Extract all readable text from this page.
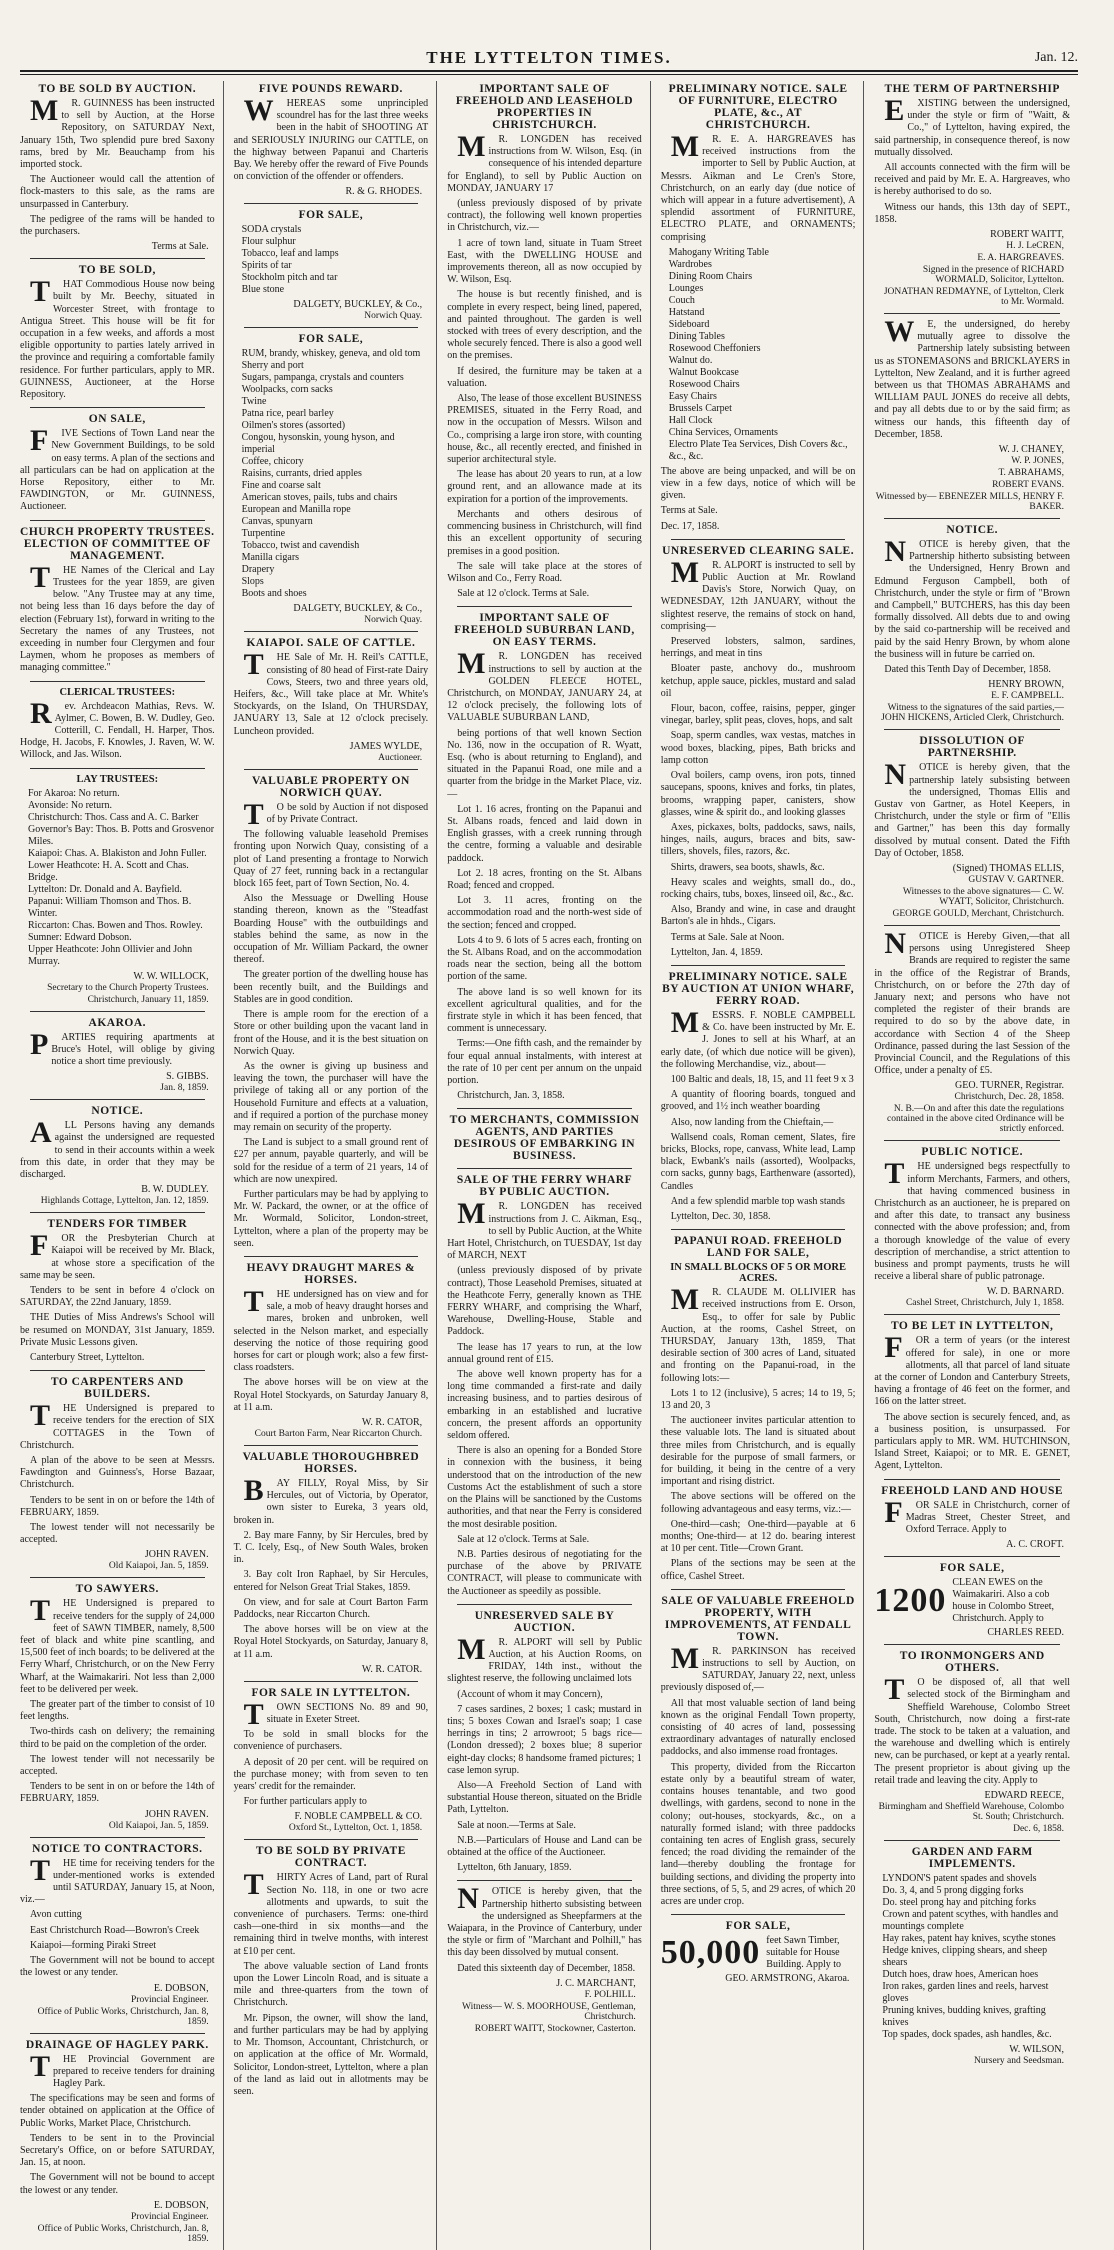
THE LYTTELTON TIMES.	Jan. 12.
TO BE SOLD BY AUCTION.

MR. GUINNESS has been instructed to sell by Auction, at the Horse Repository, on SATURDAY Next, January 15th, Two splendid pure bred Saxony rams, bred by Mr. Beauchamp from his imported stock.

The Auctioneer would call the attention of flock-masters to this sale, as the rams are unsurpassed in Canterbury.

The pedigree of the rams will be handed to the purchasers.

Terms at Sale.
TO BE SOLD,

THAT Commodious House now being built by Mr. Beechy, situated in Worcester Street, with frontage to Antigua Street. This house will be fit for occupation in a few weeks, and affords a most eligible opportunity to parties lately arrived in the province and requiring a comfortable family residence. For further particulars, apply to MR. GUINNESS, Auctioneer, at the Horse Repository.

ON SALE,

FIVE Sections of Town Land near the New Government Buildings, to be sold on easy terms. A plan of the sections and all particulars can be had on application at the Horse Repository, either to Mr. FAWDINGTON, or Mr. GUINNESS, Auctioneer.

CHURCH PROPERTY TRUSTEES. ELECTION OF COMMITTEE OF MANAGEMENT.

THE Names of the Clerical and Lay Trustees for the year 1859, are given below. "Any Trustee may at any time, not being less than 16 days before the day of election (February 1st), forward in writing to the Secretary the names of any Trustees, not exceeding in number four Clergymen and four Laymen, whom he proposes as members of managing committee."

CLERICAL TRUSTEES:

Rev. Archdeacon Mathias, Revs. W. Aylmer, C. Bowen, B. W. Dudley, Geo. Cotterill, C. Fendall, H. Harper, Thos. Hodge, H. Jacobs, F. Knowles, J. Raven, W. W. Willock, and Jas. Wilson.

LAY TRUSTEES:
For Akaroa: No return.
Avonside: No return.
Christchurch: Thos. Cass and A. C. Barker
Governor's Bay: Thos. B. Potts and Grosvenor Miles.
Kaiapoi: Chas. A. Blakiston and John Fuller.
Lower Heathcote: H. A. Scott and Chas. Bridge.
Lyttelton: Dr. Donald and A. Bayfield.
Papanui: William Thomson and Thos. B. Winter.
Riccarton: Chas. Bowen and Thos. Rowley.
Sumner: Edward Dobson.
Upper Heathcote: John Ollivier and John Murray.
W. W. WILLOCK,
Secretary to the Church Property Trustees.
Christchurch, January 11, 1859.
AKAROA.

PARTIES requiring apartments at Bruce's Hotel, will oblige by giving notice a short time previously.

S. GIBBS.
Jan. 8, 1859.
NOTICE.

ALL Persons having any demands against the undersigned are requested to send in their accounts within a week from this date, in order that they may be discharged.

B. W. DUDLEY.
Highlands Cottage, Lyttelton, Jan. 12, 1859.
TENDERS FOR TIMBER

FOR the Presbyterian Church at Kaiapoi will be received by Mr. Black, at whose store a specification of the same may be seen.

Tenders to be sent in before 4 o'clock on SATURDAY, the 22nd January, 1859.

THE Duties of Miss Andrews's School will be resumed on MONDAY, 31st January, 1859. Private Music Lessons given.

Canterbury Street, Lyttelton.

TO CARPENTERS AND BUILDERS.

THE Undersigned is prepared to receive tenders for the erection of SIX COTTAGES in the Town of Christchurch.

A plan of the above to be seen at Messrs. Fawdington and Guinness's, Horse Bazaar, Christchurch.

Tenders to be sent in on or before the 14th of FEBRUARY, 1859.

The lowest tender will not necessarily be accepted.

JOHN RAVEN.
Old Kaiapoi, Jan. 5, 1859.
TO SAWYERS.

THE Undersigned is prepared to receive tenders for the supply of 24,000 feet of SAWN TIMBER, namely, 8,500 feet of black and white pine scantling, and 15,500 feet of inch boards; to be delivered at the Ferry Wharf, Christchurch, or on the New Ferry Wharf, at the Waimakariri. Not less than 2,000 feet to be delivered per week.

The greater part of the timber to consist of 10 feet lengths.

Two-thirds cash on delivery; the remaining third to be paid on the completion of the order.

The lowest tender will not necessarily be accepted.

Tenders to be sent in on or before the 14th of FEBRUARY, 1859.

JOHN RAVEN.
Old Kaiapoi, Jan. 5, 1859.
NOTICE TO CONTRACTORS.

THE time for receiving tenders for the under-mentioned works is extended until SATURDAY, January 15, at Noon, viz.—

Avon cutting

East Christchurch Road—Bowron's Creek

Kaiapoi—forming Piraki Street

The Government will not be bound to accept the lowest or any tender.

E. DOBSON,
Provincial Engineer.
Office of Public Works, Christchurch, Jan. 8, 1859.
DRAINAGE OF HAGLEY PARK.

THE Provincial Government are prepared to receive tenders for draining Hagley Park.

The specifications may be seen and forms of tender obtained on application at the Office of Public Works, Market Place, Christchurch.

Tenders to be sent in to the Provincial Secretary's Office, on or before SATURDAY, Jan. 15, at noon.

The Government will not be bound to accept the lowest or any tender.

E. DOBSON,
Provincial Engineer.
Office of Public Works, Christchurch, Jan. 8, 1859.
FIVE POUNDS REWARD.

WHEREAS some unprincipled scoundrel has for the last three weeks been in the habit of SHOOTING AT and SERIOUSLY INJURING our CATTLE, on the highway between Papanui and Charteris Bay. We hereby offer the reward of Five Pounds on conviction of the offender or offenders.

R. & G. RHODES.
FOR SALE,
SODA crystals
Flour sulphur
Tobacco, leaf and lamps
Spirits of tar
Stockholm pitch and tar
Blue stone
DALGETY, BUCKLEY, & Co.,
Norwich Quay.
FOR SALE,
RUM, brandy, whiskey, geneva, and old tom
Sherry and port
Sugars, pampanga, crystals and counters
Woolpacks, corn sacks
Twine
Patna rice, pearl barley
Oilmen's stores (assorted)
Congou, hysonskin, young hyson, and imperial
Coffee, chicory
Raisins, currants, dried apples
Fine and coarse salt
American stoves, pails, tubs and chairs
European and Manilla rope
Canvas, spunyarn
Turpentine
Tobacco, twist and cavendish
Manilla cigars
Drapery
Slops
Boots and shoes
DALGETY, BUCKLEY, & Co.,
Norwich Quay.
KAIAPOI. SALE OF CATTLE.

THE Sale of Mr. H. Reil's CATTLE, consisting of 80 head of First-rate Dairy Cows, Steers, two and three years old, Heifers, &c., Will take place at Mr. White's Stockyards, on the Island, On THURSDAY, JANUARY 13, Sale at 12 o'clock precisely. Luncheon provided.

JAMES WYLDE,
Auctioneer.
VALUABLE PROPERTY ON NORWICH QUAY.

TO be sold by Auction if not disposed of by Private Contract.

The following valuable leasehold Premises fronting upon Norwich Quay, consisting of a plot of Land presenting a frontage to Norwich Quay of 27 feet, running back in a rectangular block 165 feet, part of Town Section, No. 4.

Also the Messuage or Dwelling House standing thereon, known as the "Steadfast Boarding House" with the outbuildings and stables behind the same, as now in the occupation of Mr. William Packard, the owner thereof.

The greater portion of the dwelling house has been recently built, and the Buildings and Stables are in good condition.

There is ample room for the erection of a Store or other building upon the vacant land in front of the House, and it is the best situation on Norwich Quay.

As the owner is giving up business and leaving the town, the purchaser will have the privilege of taking all or any portion of the Household Furniture and effects at a valuation, and if required a portion of the purchase money may remain on security of the property.

The Land is subject to a small ground rent of £27 per annum, payable quarterly, and will be sold for the residue of a term of 21 years, 14 of which are now unexpired.

Further particulars may be had by applying to Mr. W. Packard, the owner, or at the office of Mr. Wormald, Solicitor, London-street, Lyttelton, where a plan of the property may be seen.

HEAVY DRAUGHT MARES & HORSES.

THE undersigned has on view and for sale, a mob of heavy draught horses and mares, broken and unbroken, well selected in the Nelson market, and especially deserving the notice of those requiring good horses for cart or plough work; also a few first-class roadsters.

The above horses will be on view at the Royal Hotel Stockyards, on Saturday January 8, at 11 a.m.

W. R. CATOR,
Court Barton Farm, Near Riccarton Church.
VALUABLE THOROUGHBRED HORSES.

BAY FILLY, Royal Miss, by Sir Hercules, out of Victoria, by Operator, own sister to Eureka, 3 years old, broken in.

2. Bay mare Fanny, by Sir Hercules, bred by T. C. Icely, Esq., of New South Wales, broken in.

3. Bay colt Iron Raphael, by Sir Hercules, entered for Nelson Great Trial Stakes, 1859.

On view, and for sale at Court Barton Farm Paddocks, near Riccarton Church.

The above horses will be on view at the Royal Hotel Stockyards, on Saturday, January 8, at 11 a.m.

W. R. CATOR.
FOR SALE IN LYTTELTON.

TOWN SECTIONS No. 89 and 90, situate in Exeter Street.

To be sold in small blocks for the convenience of purchasers.

A deposit of 20 per cent. will be required on the purchase money; with from seven to ten years' credit for the remainder.

For further particulars apply to

F. NOBLE CAMPBELL & CO.
Oxford St., Lyttelton, Oct. 1, 1858.
TO BE SOLD BY PRIVATE CONTRACT.

THIRTY Acres of Land, part of Rural Section No. 118, in one or two acre allotments and upwards, to suit the convenience of purchasers. Terms: one-third cash—one-third in six months—and the remaining third in twelve months, with interest at £10 per cent.

The above valuable section of Land fronts upon the Lower Lincoln Road, and is situate a mile and three-quarters from the town of Christchurch.

Mr. Pipson, the owner, will show the land, and further particulars may be had by applying to Mr. Thomson, Accountant, Christchurch, or on application at the office of Mr. Wormald, Solicitor, London-street, Lyttelton, where a plan of the land as laid out in allotments may be seen.

IMPORTANT SALE OF FREEHOLD AND LEASEHOLD PROPERTIES IN CHRISTCHURCH.

MR. LONGDEN has received instructions from W. Wilson, Esq. (in consequence of his intended departure for England), to sell by Public Auction on MONDAY, JANUARY 17

(unless previously disposed of by private contract), the following well known properties in Christchurch, viz.—

1 acre of town land, situate in Tuam Street East, with the DWELLING HOUSE and improvements thereon, all as now occupied by W. Wilson, Esq.

The house is but recently finished, and is complete in every respect, being lined, papered, and painted throughout. The garden is well stocked with trees of every description, and the whole securely fenced. There is also a good well on the premises.

If desired, the furniture may be taken at a valuation.

Also, The lease of those excellent BUSINESS PREMISES, situated in the Ferry Road, and now in the occupation of Messrs. Wilson and Co., comprising a large iron store, with counting house, &c., all recently erected, and finished in superior architectural style.

The lease has about 20 years to run, at a low ground rent, and an allowance made at its expiration for a portion of the improvements.

Merchants and others desirous of commencing business in Christchurch, will find this an excellent opportunity of securing premises in a good position.

The sale will take place at the stores of Wilson and Co., Ferry Road.

Sale at 12 o'clock. Terms at Sale.

IMPORTANT SALE OF FREEHOLD SUBURBAN LAND, ON EASY TERMS.

MR. LONGDEN has received instructions to sell by auction at the GOLDEN FLEECE HOTEL, Christchurch, on MONDAY, JANUARY 24, at 12 o'clock precisely, the following lots of VALUABLE SUBURBAN LAND,

being portions of that well known Section No. 136, now in the occupation of R. Wyatt, Esq. (who is about returning to England), and situated in the Papanui Road, one mile and a quarter from the bridge in the Market Place, viz.—

Lot 1. 16 acres, fronting on the Papanui and St. Albans roads, fenced and laid down in English grasses, with a creek running through the centre, forming a valuable and desirable paddock.

Lot 2. 18 acres, fronting on the St. Albans Road; fenced and cropped.

Lot 3. 11 acres, fronting on the accommodation road and the north-west side of the section; fenced and cropped.

Lots 4 to 9. 6 lots of 5 acres each, fronting on the St. Albans Road, and on the accommodation roads near the section, being all the bottom portion of the same.

The above land is so well known for its excellent agricultural qualities, and for the firstrate style in which it has been fenced, that comment is unnecessary.

Terms:—One fifth cash, and the remainder by four equal annual instalments, with interest at the rate of 10 per cent per annum on the unpaid portion.

Christchurch, Jan. 3, 1858.

TO MERCHANTS, COMMISSION AGENTS, AND PARTIES DESIROUS OF EMBARKING IN BUSINESS.
SALE OF THE FERRY WHARF BY PUBLIC AUCTION.

MR. LONGDEN has received instructions from J. C. Aikman, Esq., to sell by Public Auction, at the White Hart Hotel, Christchurch, on TUESDAY, 1st day of MARCH, NEXT

(unless previously disposed of by private contract), Those Leasehold Premises, situated at the Heathcote Ferry, generally known as THE FERRY WHARF, and comprising the Wharf, Warehouse, Dwelling-House, Stable and Paddock.

The lease has 17 years to run, at the low annual ground rent of £15.

The above well known property has for a long time commanded a first-rate and daily increasing business, and to parties desirous of embarking in an established and lucrative concern, the present affords an opportunity seldom offered.

There is also an opening for a Bonded Store in connexion with the business, it being understood that on the introduction of the new Customs Act the establishment of such a store on the Plains will be sanctioned by the Customs authorities, and that near the Ferry is considered the most desirable position.

Sale at 12 o'clock. Terms at Sale.

N.B. Parties desirous of negotiating for the purchase of the above by PRIVATE CONTRACT, will please to communicate with the Auctioneer as speedily as possible.

UNRESERVED SALE BY AUCTION.

MR. ALPORT will sell by Public Auction, at his Auction Rooms, on FRIDAY, 14th inst., without the slightest reserve, the following unclaimed lots

(Account of whom it may Concern),

7 cases sardines, 2 boxes; 1 cask; mustard in tins; 5 boxes Cowan and Israel's soap; 1 case herrings in tins; 2 arrowroot; 5 bags rice—(London dressed); 2 boxes blue; 8 superior eight-day clocks; 8 handsome framed pictures; 1 case lemon syrup.

Also—A Freehold Section of Land with substantial House thereon, situated on the Bridle Path, Lyttelton.

Sale at noon.—Terms at Sale.

N.B.—Particulars of House and Land can be obtained at the office of the Auctioneer.

Lyttelton, 6th January, 1859.

NOTICE is hereby given, that the Partnership hitherto subsisting between the undersigned as Sheepfarmers at the Waiapara, in the Province of Canterbury, under the style or firm of "Marchant and Polhill," has this day been dissolved by mutual consent.

Dated this sixteenth day of December, 1858.

J. C. MARCHANT,
F. POLHILL.
Witness— W. S. MOORHOUSE, Gentleman, Christchurch.
ROBERT WAITT, Stockowner, Casterton.
PRELIMINARY NOTICE. SALE OF FURNITURE, ELECTRO PLATE, &c., AT CHRISTCHURCH.

MR. E. A. HARGREAVES has received instructions from the importer to Sell by Public Auction, at Messrs. Aikman and Le Cren's Store, Christchurch, on an early day (due notice of which will appear in a future advertisement), A splendid assortment of FURNITURE, ELECTRO PLATE, and ORNAMENTS; comprising

Mahogany Writing Table
Wardrobes
Dining Room Chairs
Lounges
Couch
Hatstand
Sideboard
Dining Tables
Rosewood Cheffoniers
Walnut do.
Walnut Bookcase
Rosewood Chairs
Easy Chairs
Brussels Carpet
Hall Clock
China Services, Ornaments
Electro Plate Tea Services, Dish Covers &c., &c., &c.

The above are being unpacked, and will be on view in a few days, notice of which will be given.

Terms at Sale.

Dec. 17, 1858.

UNRESERVED CLEARING SALE.

MR. ALPORT is instructed to sell by Public Auction at Mr. Rowland Davis's Store, Norwich Quay, on WEDNESDAY, 12th JANUARY, without the slightest reserve, the remains of stock on hand, comprising—

Preserved lobsters, salmon, sardines, herrings, and meat in tins

Bloater paste, anchovy do., mushroom ketchup, apple sauce, pickles, mustard and salad oil

Flour, bacon, coffee, raisins, pepper, ginger vinegar, barley, split peas, cloves, hops, and salt

Soap, sperm candles, wax vestas, matches in wood boxes, blacking, pipes, Bath bricks and lamp cotton

Oval boilers, camp ovens, iron pots, tinned saucepans, spoons, knives and forks, tin plates, brooms, wrapping paper, canisters, show glasses, wine & spirit do., and looking glasses

Axes, pickaxes, bolts, paddocks, saws, nails, hinges, nails, augurs, braces and bits, saw-tillers, shovels, files, razors, &c.

Shirts, drawers, sea boots, shawls, &c.

Heavy scales and weights, small do., do., rocking chairs, tubs, boxes, linseed oil, &c., &c.

Also, Brandy and wine, in case and draught Barton's ale in hhds., Cigars.

Terms at Sale. Sale at Noon.

Lyttelton, Jan. 4, 1859.

PRELIMINARY NOTICE. SALE BY AUCTION AT UNION WHARF, FERRY ROAD.

MESSRS. F. NOBLE CAMPBELL & Co. have been instructed by Mr. E. J. Jones to sell at his Wharf, at an early date, (of which due notice will be given), the following Merchandise, viz., about—

100 Baltic and deals, 18, 15, and 11 feet 9 x 3

A quantity of flooring boards, tongued and grooved, and 1½ inch weather boarding

Also, now landing from the Chieftain,—

Wallsend coals, Roman cement, Slates, fire bricks, Blocks, rope, canvass, White lead, Lamp black, Ewbank's nails (assorted), Woolpacks, corn sacks, gunny bags, Earthenware (assorted), Candles

And a few splendid marble top wash stands

Lyttelton, Dec. 30, 1858.

PAPANUI ROAD. FREEHOLD LAND FOR SALE,
IN SMALL BLOCKS OF 5 OR MORE ACRES.

MR. CLAUDE M. OLLIVIER has received instructions from E. Orson, Esq., to offer for sale by Public Auction, at the rooms, Cashel Street, on THURSDAY, January 13th, 1859, That desirable section of 300 acres of Land, situated and fronting on the Papanui-road, in the following lots:—

Lots 1 to 12 (inclusive), 5 acres; 14 to 19, 5; 13 and 20, 3

The auctioneer invites particular attention to these valuable lots. The land is situated about three miles from Christchurch, and is equally desirable for the purpose of small farmers, or for building, it being in the centre of a very important and rising district.

The above sections will be offered on the following advantageous and easy terms, viz.:—

One-third—cash; One-third—payable at 6 months; One-third— at 12 do. bearing interest at 10 per cent. Title—Crown Grant.

Plans of the sections may be seen at the office, Cashel Street.

SALE OF VALUABLE FREEHOLD PROPERTY, WITH IMPROVEMENTS, AT FENDALL TOWN.

MR. PARKINSON has received instructions to sell by Auction, on SATURDAY, January 22, next, unless previously disposed of,—

All that most valuable section of land being known as the original Fendall Town property, consisting of 40 acres of land, possessing extraordinary advantages of naturally enclosed paddocks, and also immense road frontages.

This property, divided from the Riccarton estate only by a beautiful stream of water, contains houses tenantable, and two good dwellings, with gardens, second to none in the colony; out-houses, stockyards, &c., on a naturally formed island; with three paddocks containing ten acres of English grass, securely fenced; the road dividing the remainder of the land—thereby doubling the frontage for building sections, and dividing the property into three sections, of 5, 5, and 29 acres, of which 20 acres are under crop.

FOR SALE,
50,000 feet Sawn Timber, suitable for House Building. Apply to
GEO. ARMSTRONG, Akaroa.
THE TERM OF PARTNERSHIP

EXISTING between the undersigned, under the style or firm of "Waitt, & Co.," of Lyttelton, having expired, the said partnership, in consequence thereof, is now mutually dissolved.

All accounts connected with the firm will be received and paid by Mr. E. A. Hargreaves, who is hereby authorised to do so.

Witness our hands, this 13th day of SEPT., 1858.

ROBERT WAITT,
H. J. LeCREN,
E. A. HARGREAVES.
Signed in the presence of RICHARD WORMALD, Solicitor, Lyttelton.
JONATHAN REDMAYNE, of Lyttelton, Clerk to Mr. Wormald.

WE, the undersigned, do hereby mutually agree to dissolve the Partnership lately subsisting between us as STONEMASONS and BRICKLAYERS in Lyttelton, New Zealand, and it is further agreed between us that THOMAS ABRAHAMS and WILLIAM PAUL JONES do receive all debts, and pay all debts due to or by the said firm; as witness our hands, this fifteenth day of December, 1858.

W. J. CHANEY,
W. P. JONES,
T. ABRAHAMS,
ROBERT EVANS.
Witnessed by— EBENEZER MILLS, HENRY F. BAKER.
NOTICE.

NOTICE is hereby given, that the Partnership hitherto subsisting between the Undersigned, Henry Brown and Edmund Ferguson Campbell, both of Christchurch, under the style or firm of "Brown and Campbell," BUTCHERS, has this day been formally dissolved. All debts due to and owing by the said co-partnership will be received and paid by the said Henry Brown, by whom alone the business will in future be carried on.

Dated this Tenth Day of December, 1858.

HENRY BROWN,
E. F. CAMPBELL.
Witness to the signatures of the said parties,— JOHN HICKENS, Articled Clerk, Christchurch.
DISSOLUTION OF PARTNERSHIP.

NOTICE is hereby given, that the partnership lately subsisting between the undersigned, Thomas Ellis and Gustav von Gartner, as Hotel Keepers, in Christchurch, under the style or firm of "Ellis and Gartner," has been this day formally dissolved by mutual consent. Dated the Fifth Day of October, 1858.

(Signed) THOMAS ELLIS,
GUSTAV V. GARTNER.
Witnesses to the above signatures— C. W. WYATT, Solicitor, Christchurch.
GEORGE GOULD, Merchant, Christchurch.

NOTICE is Hereby Given,—that all persons using Unregistered Sheep Brands are required to register the same in the office of the Registrar of Brands, Christchurch, on or before the 27th day of January next; and persons who have not completed the register of their brands are required to do so by the above date, in accordance with Section 4 of the Sheep Ordinance, passed during the last Session of the Provincial Council, and the Regulations of this Office, under a penalty of £5.

GEO. TURNER, Registrar.
Christchurch, Dec. 28, 1858.
N. B.—On and after this date the regulations contained in the above cited Ordinance will be strictly enforced.
PUBLIC NOTICE.

THE undersigned begs respectfully to inform Merchants, Farmers, and others, that having commenced business in Christchurch as an auctioneer, he is prepared on and after this date, to transact any business connected with the above profession; and, from a thorough knowledge of the value of every description of merchandise, a strict attention to business and prompt payments, trusts he will receive a liberal share of public patronage.

W. D. BARNARD.
Cashel Street, Christchurch, July 1, 1858.
TO BE LET IN LYTTELTON,

FOR a term of years (or the interest offered for sale), in one or more allotments, all that parcel of land situate at the corner of London and Canterbury Streets, having a frontage of 46 feet on the former, and 166 on the latter street.

The above section is securely fenced, and, as a business position, is unsurpassed. For particulars apply to MR. WM. HUTCHINSON, Island Street, Kaiapoi; or to MR. E. GENET, Agent, Lyttelton.

FREEHOLD LAND AND HOUSE

FOR SALE in Christchurch, corner of Madras Street, Chester Street, and Oxford Terrace. Apply to

A. C. CROFT.
FOR SALE,
1200 CLEAN EWES on the Waimakariri. Also a cob house in Colombo Street, Christchurch. Apply to
CHARLES REED.
TO IRONMONGERS AND OTHERS.

TO be disposed of, all that well selected stock of the Birmingham and Sheffield Warehouse, Colombo Street South, Christchurch, now doing a first-rate trade. The stock to be taken at a valuation, and the warehouse and dwelling which is entirely new, can be purchased, or kept at a yearly rental. The present proprietor is about giving up the retail trade and leaving the city. Apply to

EDWARD REECE,
Birmingham and Sheffield Warehouse, Colombo St. South; Christchurch.
Dec. 6, 1858.
GARDEN AND FARM IMPLEMENTS.
LYNDON'S patent spades and shovels
Do. 3, 4, and 5 prong digging forks
Do. steel prong hay and pitching forks
Crown and patent scythes, with handles and mountings complete
Hay rakes, patent hay knives, scythe stones
Hedge knives, clipping shears, and sheep shears
Dutch hoes, draw hoes, American hoes
Iron rakes, garden lines and reels, harvest gloves
Pruning knives, budding knives, grafting knives
Top spades, dock spades, ash handles, &c.
W. WILSON,
Nursery and Seedsman.
